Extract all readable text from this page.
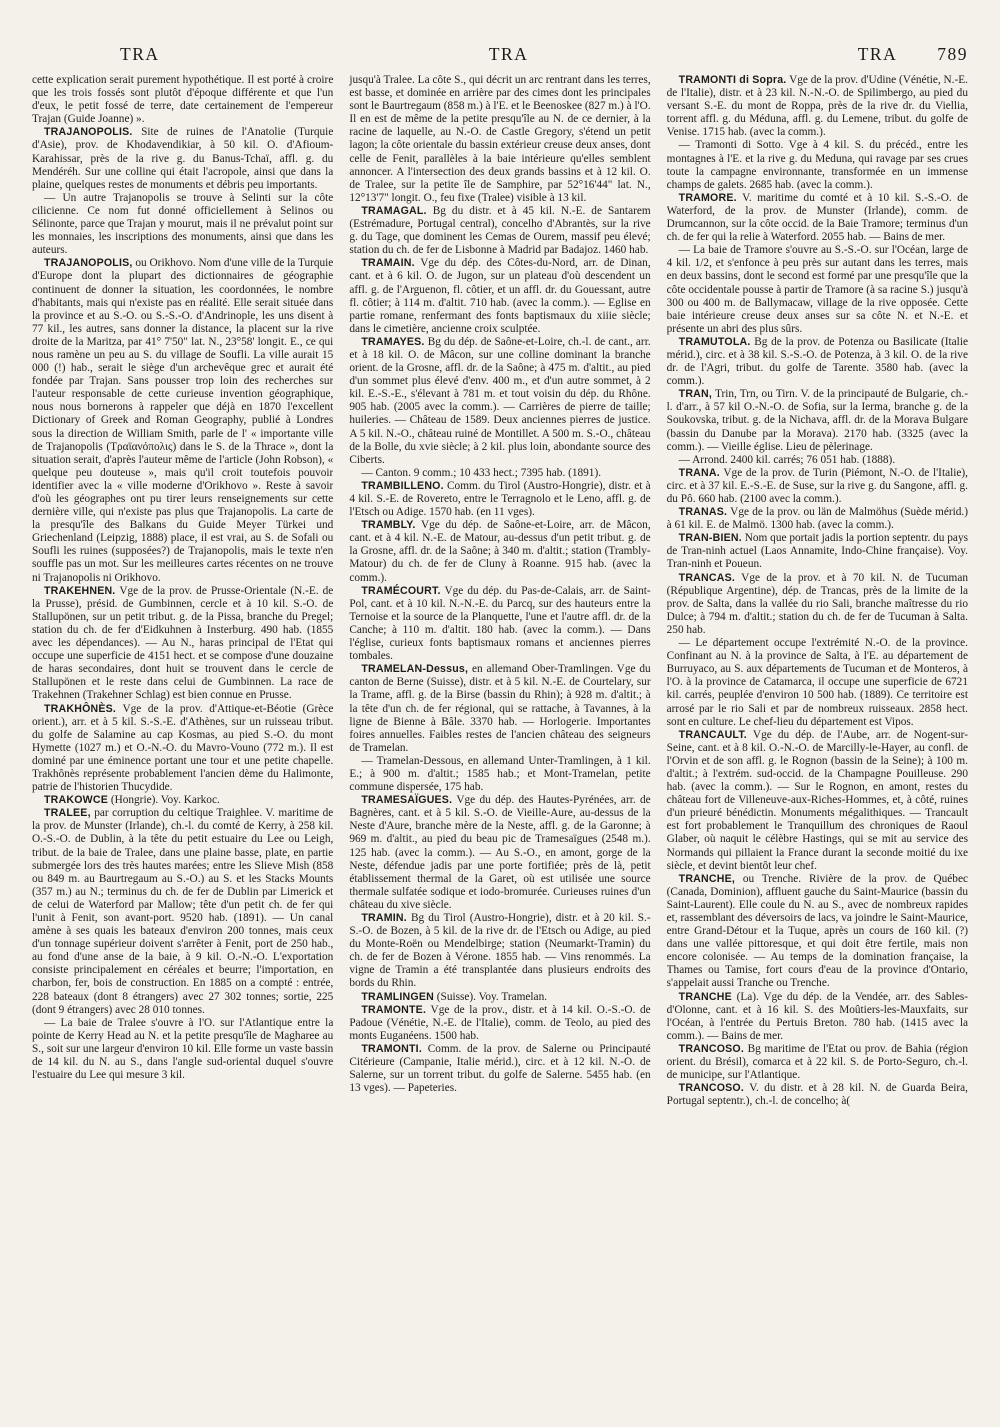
TRA	TRA	TRA	789

cette explication serait purement hypothétique. Il est porté à croire que les trois fossés sont plutôt d'époque différente et que l'un d'eux, le petit fossé de terre, date certainement de l'empereur Trajan (Guide Joanne) ».

TRAJANOPOLIS. Site de ruines de l'Anatolie (Turquie d'Asie), prov. de Khodavendikiar, à 50 kil. O. d'Afioum-Karahissar, près de la rive g. du Banus-Tchaï, affl. g. du Mendéréh. Sur une colline qui était l'acropole, ainsi que dans la plaine, quelques restes de monuments et débris peu importants.

— Un autre Trajanopolis se trouve à Selinti sur la côte cilicienne. Ce nom fut donné officiellement à Selinos ou Sélinonte, parce que Trajan y mourut, mais il ne prévalut point sur les monnaies, les inscriptions des monuments, ainsi que dans les auteurs.

TRAJANOPOLIS, ou Orikhovo. Nom d'une ville de la Turquie d'Europe dont la plupart des dictionnaires de géographie continuent de donner la situation, les coordonnées, le nombre d'habitants, mais qui n'existe pas en réalité. Elle serait située dans la province et au S.-O. ou S.-S.-O. d'Andrinople, les uns disent à 77 kil., les autres, sans donner la distance, la placent sur la rive droite de la Maritza, par 41° 7'50" lat. N., 23°58' longit. E., ce qui nous ramène un peu au S. du village de Soufli. La ville aurait 15 000 (!) hab., serait le siège d'un archevêque grec et aurait été fondée par Trajan. Sans pousser trop loin des recherches sur l'auteur responsable de cette curieuse invention géographique, nous nous bornerons à rappeler que déjà en 1870 l'excellent Dictionary of Greek and Roman Geography, publié à Londres sous la direction de William Smith, parle de l' « importante ville de Trajanopolis (Τραϊανόπολις) dans le S. de la Thrace », dont la situation serait, d'après l'auteur même de l'article (John Robson), « quelque peu douteuse », mais qu'il croit toutefois pouvoir identifier avec la « ville moderne d'Orikhovo ». Reste à savoir d'où les géographes ont pu tirer leurs renseignements sur cette dernière ville, qui n'existe pas plus que Trajanopolis. La carte de la presqu'île des Balkans du Guide Meyer Türkei und Griechenland (Leipzig, 1888) place, il est vrai, au S. de Sofali ou Soufli les ruines (supposées?) de Trajanopolis, mais le texte n'en souffle pas un mot. Sur les meilleures cartes récentes on ne trouve ni Trajanopolis ni Orikhovo.

TRAKEHNEN. Vge de la prov. de Prusse-Orientale (N.-E. de la Prusse), présid. de Gumbinnen, cercle et à 10 kil. S.-O. de Stallupönen, sur un petit tribut. g. de la Pissa, branche du Pregel; station du ch. de fer d'Eidkuhnen à Insterburg. 490 hab. (1855 avec les dépendances). — Au N., haras principal de l'Etat qui occupe une superficie de 4151 hect. et se compose d'une douzaine de haras secondaires, dont huit se trouvent dans le cercle de Stallupönen et le reste dans celui de Gumbinnen. La race de Trakehnen (Trakehner Schlag) est bien connue en Prusse.

TRAKHÔNÈS. Vge de la prov. d'Attique-et-Béotie (Grèce orient.), arr. et à 5 kil. S.-S.-E. d'Athènes, sur un ruisseau tribut. du golfe de Salamine au cap Kosmas, au pied S.-O. du mont Hymette (1027 m.) et O.-N.-O. du Mavro-Vouno (772 m.). Il est dominé par une éminence portant une tour et une petite chapelle. Trakhônès représente probablement l'ancien dème du Halimonte, patrie de l'historien Thucydide.

TRAKOWCE (Hongrie). Voy. Karkoc.

TRALEE, par corruption du celtique Traighlee. V. maritime de la prov. de Munster (Irlande), ch.-l. du comté de Kerry, à 258 kil. O.-S.-O. de Dublin, à la tête du petit estuaire du Lee ou Leigh, tribut. de la baie de Tralee, dans une plaine basse, plate, en partie submergée lors des très hautes marées; entre les Slieve Mish (858 ou 849 m. au Baurtregaum au S.-O.) au S. et les Stacks Mounts (357 m.) au N.; terminus du ch. de fer de Dublin par Limerick et de celui de Waterford par Mallow; tête d'un petit ch. de fer qui l'unit à Fenit, son avant-port. 9520 hab. (1891). — Un canal amène à ses quais les bateaux d'environ 200 tonnes, mais ceux d'un tonnage supérieur doivent s'arrêter à Fenit, port de 250 hab., au fond d'une anse de la baie, à 9 kil. O.-N.-O. L'exportation consiste principalement en céréales et beurre; l'importation, en charbon, fer, bois de construction. En 1885 on a compté : entrée, 228 bateaux (dont 8 étrangers) avec 27 302 tonnes; sortie, 225 (dont 9 étrangers) avec 28 010 tonnes.

— La baie de Tralee s'ouvre à l'O. sur l'Atlantique entre la pointe de Kerry Head au N. et la petite presqu'île de Magharee au S., soit sur une largeur d'environ 10 kil. Elle forme un vaste bassin de 14 kil. du N. au S., dans l'angle sud-oriental duquel s'ouvre l'estuaire du Lee qui mesure 3 kil.

jusqu'à Tralee. La côte S., qui décrit un arc rentrant dans les terres, est basse, et dominée en arrière par des cimes dont les principales sont le Baurtregaum (858 m.) à l'E. et le Beenoskee (827 m.) à l'O. Il en est de même de la petite presqu'île au N. de ce dernier, à la racine de laquelle, au N.-O. de Castle Gregory, s'étend un petit lagon; la côte orientale du bassin extérieur creuse deux anses, dont celle de Fenit, parallèles à la baie intérieure qu'elles semblent annoncer. A l'intersection des deux grands bassins et à 12 kil. O. de Tralee, sur la petite île de Samphire, par 52°16'44" lat. N., 12°13'7" longit. O., feu fixe (Tralee) visible à 13 kil.

TRAMAGAL. Bg du distr. et à 45 kil. N.-E. de Santarem (Estrémadure, Portugal central), concelho d'Abrantès, sur la rive g. du Tage, que dominent les Cemas de Ourem, massif peu élevé; station du ch. de fer de Lisbonne à Madrid par Badajoz. 1460 hab.

TRAMAIN. Vge du dép. des Côtes-du-Nord, arr. de Dinan, cant. et à 6 kil. O. de Jugon, sur un plateau d'où descendent un affl. g. de l'Arguenon, fl. côtier, et un affl. dr. du Gouessant, autre fl. côtier; à 114 m. d'altit. 710 hab. (avec la comm.). — Eglise en partie romane, renfermant des fonts baptismaux du xiiie siècle; dans le cimetière, ancienne croix sculptée.

TRAMAYES. Bg du dép. de Saône-et-Loire, ch.-l. de cant., arr. et à 18 kil. O. de Mâcon, sur une colline dominant la branche orient. de la Grosne, affl. dr. de la Saône; à 475 m. d'altit., au pied d'un sommet plus élevé d'env. 400 m., et d'un autre sommet, à 2 kil. E.-S.-E., s'élevant à 781 m. et tout voisin du dép. du Rhône. 905 hab. (2005 avec la comm.). — Carrières de pierre de taille; huileries. — Château de 1589. Deux anciennes pierres de justice. A 5 kil. N.-O., château ruiné de Montillet. A 500 m. S.-O., château de la Bolle, du xvie siècle; à 2 kil. plus loin, abondante source des Ciberts.

— Canton. 9 comm.; 10 433 hect.; 7395 hab. (1891).

TRAMBILLENO. Comm. du Tirol (Austro-Hongrie), distr. et à 4 kil. S.-E. de Rovereto, entre le Terragnolo et le Leno, affl. g. de l'Etsch ou Adige. 1570 hab. (en 11 vges).

TRAMBLY. Vge du dép. de Saône-et-Loire, arr. de Mâcon, cant. et à 4 kil. N.-E. de Matour, au-dessus d'un petit tribut. g. de la Grosne, affl. dr. de la Saône; à 340 m. d'altit.; station (Trambly-Matour) du ch. de fer de Cluny à Roanne. 915 hab. (avec la comm.).

TRAMÉCOURT. Vge du dép. du Pas-de-Calais, arr. de Saint-Pol, cant. et à 10 kil. N.-N.-E. du Parcq, sur des hauteurs entre la Ternoise et la source de la Planquette, l'une et l'autre affl. dr. de la Canche; à 110 m. d'altit. 180 hab. (avec la comm.). — Dans l'église, curieux fonts baptismaux romans et anciennes pierres tombales.

TRAMELAN-Dessus, en allemand Ober-Tramlingen. Vge du canton de Berne (Suisse), distr. et à 5 kil. N.-E. de Courtelary, sur la Trame, affl. g. de la Birse (bassin du Rhin); à 928 m. d'altit.; à la tête d'un ch. de fer régional, qui se rattache, à Tavannes, à la ligne de Bienne à Bâle. 3370 hab. — Horlogerie. Importantes foires annuelles. Faibles restes de l'ancien château des seigneurs de Tramelan.

— Tramelan-Dessous, en allemand Unter-Tramlingen, à 1 kil. E.; à 900 m. d'altit.; 1585 hab.; et Mont-Tramelan, petite commune dispersée, 175 hab.

TRAMESAÏGUES. Vge du dép. des Hautes-Pyrénées, arr. de Bagnères, cant. et à 5 kil. S.-O. de Vieille-Aure, au-dessus de la Neste d'Aure, branche mère de la Neste, affl. g. de la Garonne; à 969 m. d'altit., au pied du beau pic de Tramesaïgues (2548 m.). 125 hab. (avec la comm.). — Au S.-O., en amont, gorge de la Neste, défendue jadis par une porte fortifiée; près de là, petit établissement thermal de la Garet, où est utilisée une source thermale sulfatée sodique et iodo-bromurée. Curieuses ruines d'un château du xive siècle.

TRAMIN. Bg du Tirol (Austro-Hongrie), distr. et à 20 kil. S.-S.-O. de Bozen, à 5 kil. de la rive dr. de l'Etsch ou Adige, au pied du Monte-Roën ou Mendelbirge; station (Neumarkt-Tramin) du ch. de fer de Bozen à Vérone. 1855 hab. — Vins renommés. La vigne de Tramin a été transplantée dans plusieurs endroits des bords du Rhin.

TRAMLINGEN (Suisse). Voy. Tramelan.

TRAMONTE. Vge de la prov., distr. et à 14 kil. O.-S.-O. de Padoue (Vénétie, N.-E. de l'Italie), comm. de Teolo, au pied des monts Euganéens. 1500 hab.

TRAMONTI. Comm. de la prov. de Salerne ou Principauté Citérieure (Campanie, Italie mérid.), circ. et à 12 kil. N.-O. de Salerne, sur un torrent tribut. du golfe de Salerne. 5455 hab. (en 13 vges). — Papeteries.

TRAMONTI di Sopra. Vge de la prov. d'Udine (Vénétie, N.-E. de l'Italie), distr. et à 23 kil. N.-N.-O. de Spilimbergo, au pied du versant S.-E. du mont de Roppa, près de la rive dr. du Viellia, torrent affl. g. du Méduna, affl. g. du Lemene, tribut. du golfe de Venise. 1715 hab. (avec la comm.).

— Tramonti di Sotto. Vge à 4 kil. S. du précéd., entre les montagnes à l'E. et la rive g. du Meduna, qui ravage par ses crues toute la campagne environnante, transformée en un immense champs de galets. 2685 hab. (avec la comm.).

TRAMORE. V. maritime du comté et à 10 kil. S.-S.-O. de Waterford, de la prov. de Munster (Irlande), comm. de Drumcannon, sur la côte occid. de la Baie Tramore; terminus d'un ch. de fer qui la relie à Waterford. 2055 hab. — Bains de mer.

— La baie de Tramore s'ouvre au S.-S.-O. sur l'Océan, large de 4 kil. 1/2, et s'enfonce à peu près sur autant dans les terres, mais en deux bassins, dont le second est formé par une presqu'île que la côte occidentale pousse à partir de Tramore (à sa racine S.) jusqu'à 300 ou 400 m. de Ballymacaw, village de la rive opposée. Cette baie intérieure creuse deux anses sur sa côte N. et N.-E. et présente un abri des plus sûrs.

TRAMUTOLA. Bg de la prov. de Potenza ou Basilicate (Italie mérid.), circ. et à 38 kil. S.-S.-O. de Potenza, à 3 kil. O. de la rive dr. de l'Agri, tribut. du golfe de Tarente. 3580 hab. (avec la comm.).

TRAN, Trin, Trn, ou Tirn. V. de la principauté de Bulgarie, ch.-l. d'arr., à 57 kil O.-N.-O. de Sofia, sur la Ierma, branche g. de la Soukovska, tribut. g. de la Nichava, affl. dr. de la Morava Bulgare (bassin du Danube par la Morava). 2170 hab. (3325 (avec la comm.). — Vieille église. Lieu de pèlerinage.

— Arrond. 2400 kil. carrés; 76 051 hab. (1888).

TRANA. Vge de la prov. de Turin (Piémont, N.-O. de l'Italie), circ. et à 37 kil. E.-S.-E. de Suse, sur la rive g. du Sangone, affl. g. du Pô. 660 hab. (2100 avec la comm.).

TRANAS. Vge de la prov. ou län de Malmöhus (Suède mérid.) à 61 kil. E. de Malmö. 1300 hab. (avec la comm.).

TRAN-BIEN. Nom que portait jadis la portion septentr. du pays de Tran-ninh actuel (Laos Annamite, Indo-Chine française). Voy. Tran-ninh et Poueun.

TRANCAS. Vge de la prov. et à 70 kil. N. de Tucuman (République Argentine), dép. de Trancas, près de la limite de la prov. de Salta, dans la vallée du rio Sali, branche maîtresse du rio Dulce; à 794 m. d'altit.; station du ch. de fer de Tucuman à Salta. 250 hab.

— Le département occupe l'extrémité N.-O. de la province. Confinant au N. à la province de Salta, à l'E. au département de Burruyaco, au S. aux départements de Tucuman et de Monteros, à l'O. à la province de Catamarca, il occupe une superficie de 6721 kil. carrés, peuplée d'environ 10 500 hab. (1889). Ce territoire est arrosé par le rio Sali et par de nombreux ruisseaux. 2858 hect. sont en culture. Le chef-lieu du département est Vipos.

TRANCAULT. Vge du dép. de l'Aube, arr. de Nogent-sur-Seine, cant. et à 8 kil. O.-N.-O. de Marcilly-le-Hayer, au confl. de l'Orvin et de son affl. g. le Rognon (bassin de la Seine); à 100 m. d'altit.; à l'extrém. sud-occid. de la Champagne Pouilleuse. 290 hab. (avec la comm.). — Sur le Rognon, en amont, restes du château fort de Villeneuve-aux-Riches-Hommes, et, à côté, ruines d'un prieuré bénédictin. Monuments mégalithiques. — Trancault est fort probablement le Tranquillum des chroniques de Raoul Glaber, où naquit le célèbre Hastings, qui se mit au service des Normands qui pillaient la France durant la seconde moitié du ixe siècle, et devint bientôt leur chef.

TRANCHE, ou Trenche. Rivière de la prov. de Québec (Canada, Dominion), affluent gauche du Saint-Maurice (bassin du Saint-Laurent). Elle coule du N. au S., avec de nombreux rapides et, rassemblant des déversoirs de lacs, va joindre le Saint-Maurice, entre Grand-Détour et la Tuque, après un cours de 160 kil. (?) dans une vallée pittoresque, et qui doit être fertile, mais non encore colonisée. — Au temps de la domination française, la Thames ou Tamise, fort cours d'eau de la province d'Ontario, s'appelait aussi Tranche ou Trenche.

TRANCHE (La). Vge du dép. de la Vendée, arr. des Sables-d'Olonne, cant. et à 16 kil. S. des Moûtiers-les-Mauxfaits, sur l'Océan, à l'entrée du Pertuis Breton. 780 hab. (1415 avec la comm.). — Bains de mer.

TRANCOSO. Bg maritime de l'Etat ou prov. de Bahia (région orient. du Brésil), comarca et à 22 kil. S. de Porto-Seguro, ch.-l. de municipe, sur l'Atlantique.

TRANCOSO. V. du distr. et à 28 kil. N. de Guarda Beira, Portugal septentr.), ch.-l. de concelho; à(
